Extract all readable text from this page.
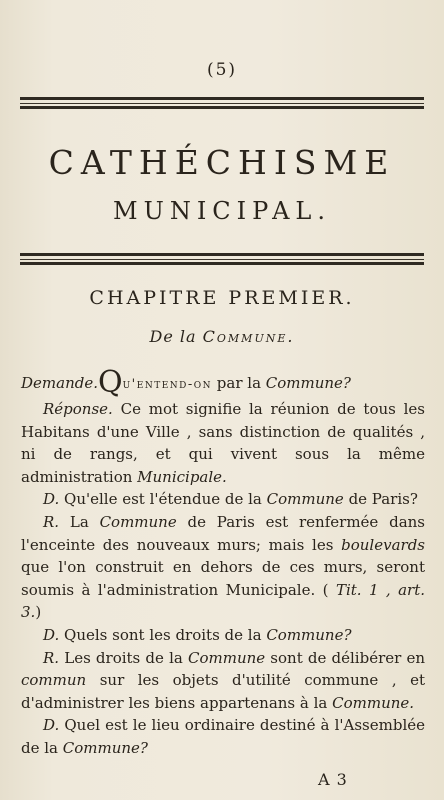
(5)
CATHÉCHISME
MUNICIPAL.
CHAPITRE PREMIER.
De la Commune.

Demande.Qu'entend-on par la Commune?

Réponse. Ce mot signifie la réunion de tous les Habitans d'une Ville , sans distinction de qualités , ni de rangs, et qui vivent sous la même administration Municipale.

D. Qu'elle est l'étendue de la Commune de Paris?

R. La Commune de Paris est renfermée dans l'enceinte des nouveaux murs; mais les boulevards que l'on construit en dehors de ces murs, seront soumis à l'administration Municipale. ( Tit. 1 , art. 3.)

D. Quels sont les droits de la Commune?

R. Les droits de la Commune sont de délibérer en commun sur les objets d'utilité commune , et d'administrer les biens appartenans à la Commune.

D. Quel est le lieu ordinaire destiné à l'Assemblée de la Commune?

A 3
